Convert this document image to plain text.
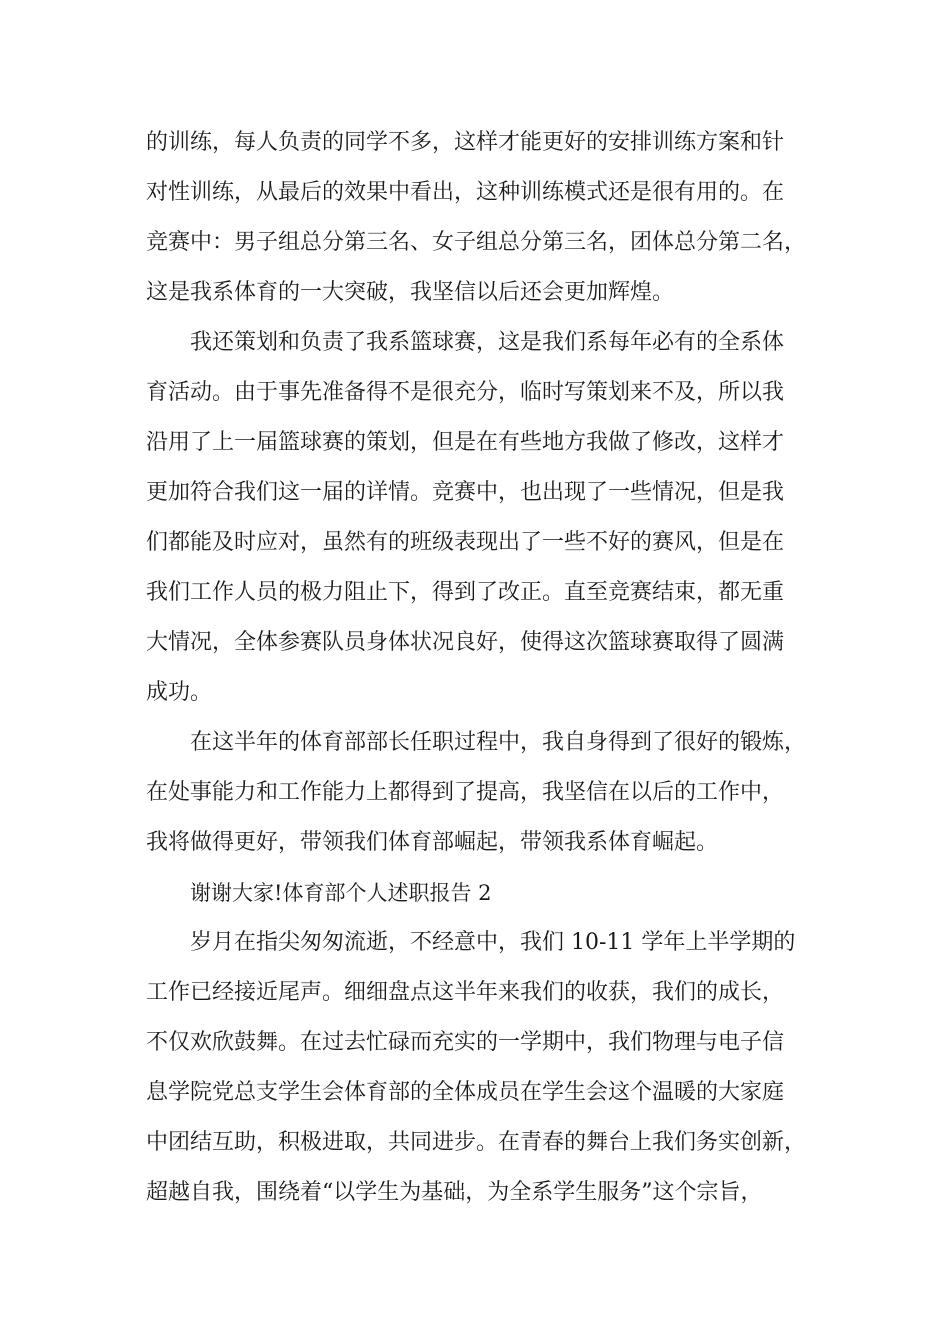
的训练，每人负责的同学不多，这样才能更好的安排训练方案和针
对性训练，从最后的效果中看出，这种训练模式还是很有用的。在
竞赛中：男子组总分第三名、女子组总分第三名，团体总分第二名，
这是我系体育的一大突破，我坚信以后还会更加辉煌。
我还策划和负责了我系篮球赛，这是我们系每年必有的全系体
育活动。由于事先准备得不是很充分，临时写策划来不及，所以我
沿用了上一届篮球赛的策划，但是在有些地方我做了修改，这样才
更加符合我们这一届的详情。竞赛中，也出现了一些情况，但是我
们都能及时应对，虽然有的班级表现出了一些不好的赛风，但是在
我们工作人员的极力阻止下，得到了改正。直至竞赛结束，都无重
大情况，全体参赛队员身体状况良好，使得这次篮球赛取得了圆满
成功。
在这半年的体育部部长任职过程中，我自身得到了很好的锻炼，
在处事能力和工作能力上都得到了提高，我坚信在以后的工作中，
我将做得更好，带领我们体育部崛起，带领我系体育崛起。
谢谢大家!体育部个人述职报告 2
岁月在指尖匆匆流逝，不经意中，我们 10-11 学年上半学期的
工作已经接近尾声。细细盘点这半年来我们的收获，我们的成长，
不仅欢欣鼓舞。在过去忙碌而充实的一学期中，我们物理与电子信
息学院党总支学生会体育部的全体成员在学生会这个温暖的大家庭
中团结互助，积极进取，共同进步。在青春的舞台上我们务实创新，
超越自我，围绕着“以学生为基础，为全系学生服务”这个宗旨，
